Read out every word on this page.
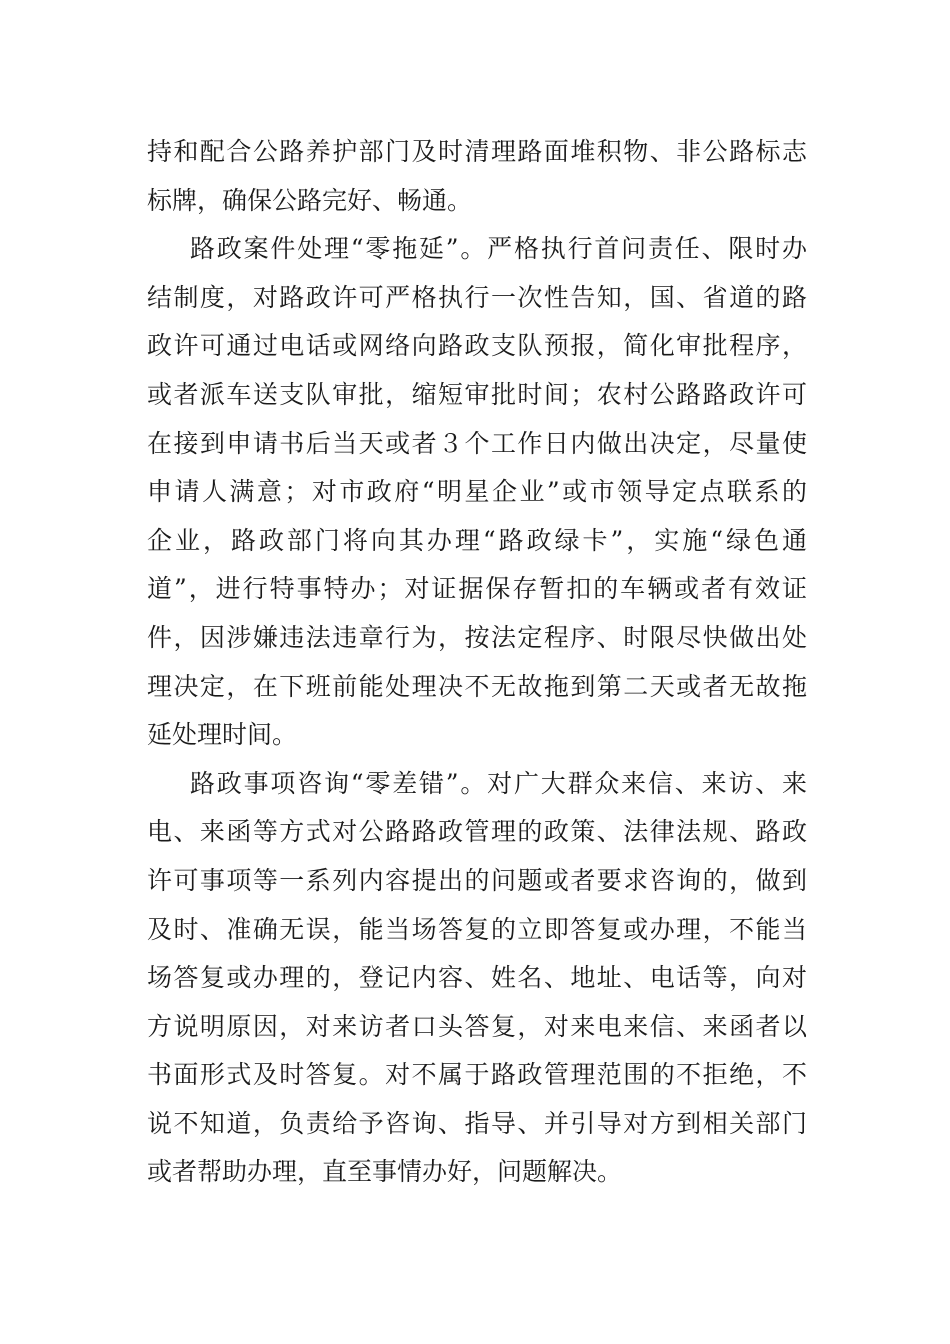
持和配合公路养护部门及时清理路面堆积物、非公路标志
标牌，确保公路完好、畅通。
路政案件处理“零拖延”。严格执行首问责任、限时办
结制度，对路政许可严格执行一次性告知，国、省道的路
政许可通过电话或网络向路政支队预报，简化审批程序，
或者派车送支队审批，缩短审批时间；农村公路路政许可
在接到申请书后当天或者３个工作日内做出决定，尽量使
申请人满意；对市政府“明星企业”或市领导定点联系的
企业，路政部门将向其办理“路政绿卡”，实施“绿色通
道”，进行特事特办；对证据保存暂扣的车辆或者有效证
件，因涉嫌违法违章行为，按法定程序、时限尽快做出处
理决定，在下班前能处理决不无故拖到第二天或者无故拖
延处理时间。
路政事项咨询“零差错”。对广大群众来信、来访、来
电、来函等方式对公路路政管理的政策、法律法规、路政
许可事项等一系列内容提出的问题或者要求咨询的，做到
及时、准确无误，能当场答复的立即答复或办理，不能当
场答复或办理的，登记内容、姓名、地址、电话等，向对
方说明原因，对来访者口头答复，对来电来信、来函者以
书面形式及时答复。对不属于路政管理范围的不拒绝，不
说不知道，负责给予咨询、指导、并引导对方到相关部门
或者帮助办理，直至事情办好，问题解决。
